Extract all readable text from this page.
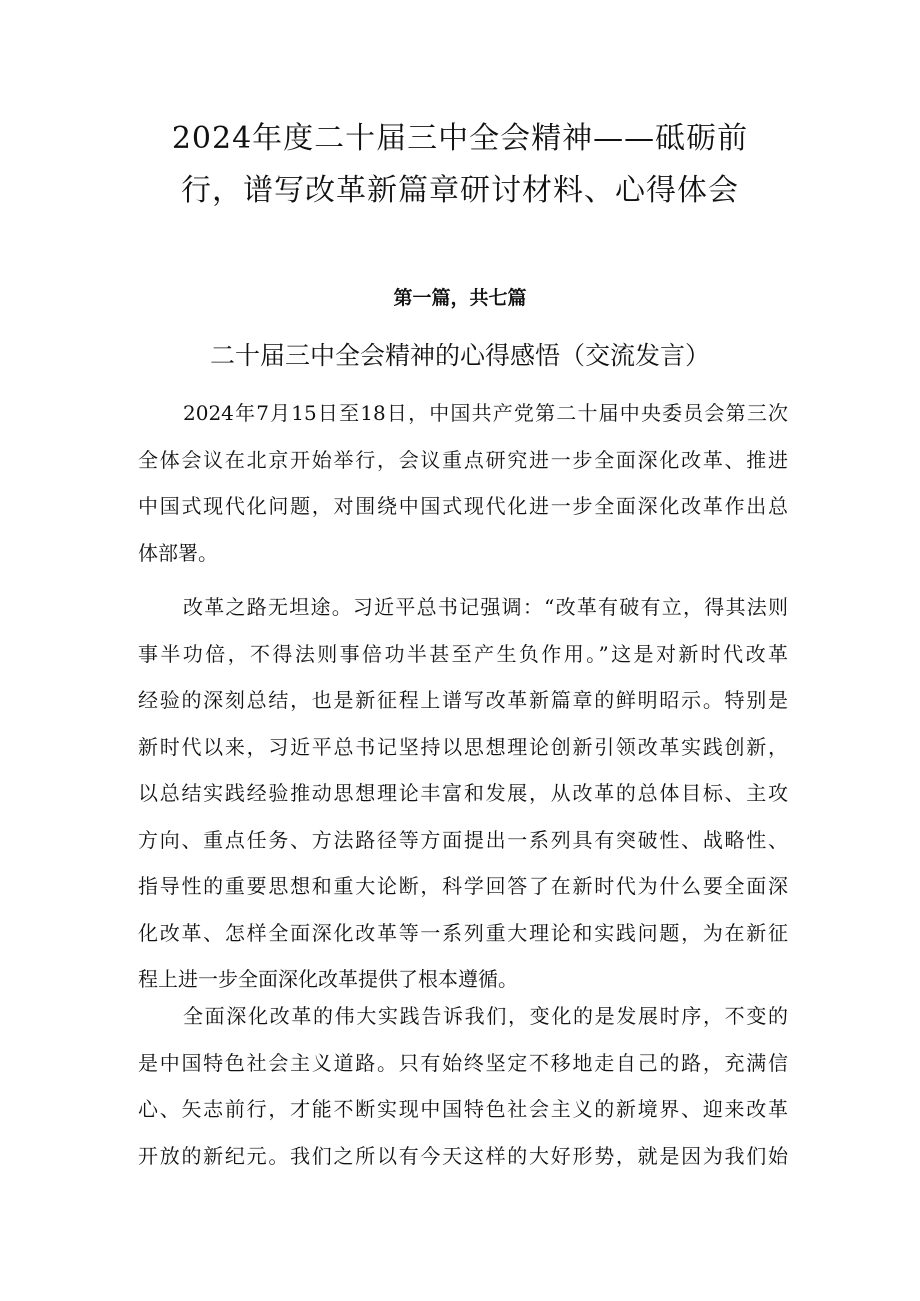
2024年度二十届三中全会精神——砥砺前
行，谱写改革新篇章研讨材料、心得体会
第一篇，共七篇
二十届三中全会精神的心得感悟（交流发言）

2024年7月15日至18日，中国共产党第二十届中央委员会第三次
全体会议在北京开始举行，会议重点研究进一步全面深化改革、推进
中国式现代化问题，对围绕中国式现代化进一步全面深化改革作出总
体部署。

改革之路无坦途。习近平总书记强调：“改革有破有立，得其法则
事半功倍，不得法则事倍功半甚至产生负作用。”这是对新时代改革
经验的深刻总结，也是新征程上谱写改革新篇章的鲜明昭示。特别是
新时代以来，习近平总书记坚持以思想理论创新引领改革实践创新，
以总结实践经验推动思想理论丰富和发展，从改革的总体目标、主攻
方向、重点任务、方法路径等方面提出一系列具有突破性、战略性、
指导性的重要思想和重大论断，科学回答了在新时代为什么要全面深
化改革、怎样全面深化改革等一系列重大理论和实践问题，为在新征
程上进一步全面深化改革提供了根本遵循。

全面深化改革的伟大实践告诉我们，变化的是发展时序，不变的
是中国特色社会主义道路。只有始终坚定不移地走自己的路，充满信
心、矢志前行，才能不断实现中国特色社会主义的新境界、迎来改革
开放的新纪元。我们之所以有今天这样的大好形势，就是因为我们始
